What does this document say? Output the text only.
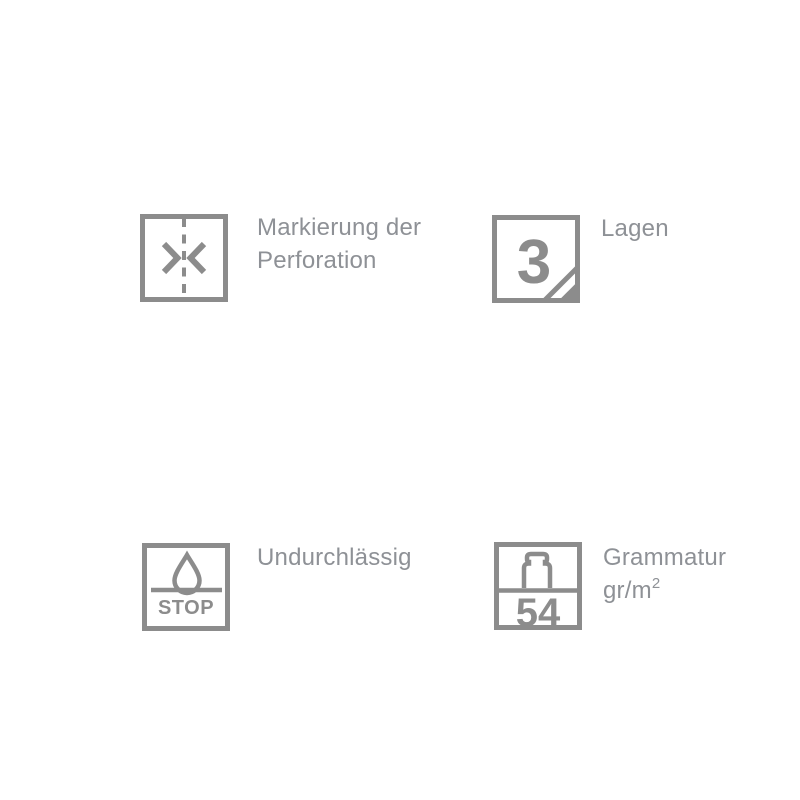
Markierung der
Perforation	3 Lagen
STOP
Undurchlässig
54
Grammatur
$gr/m^2$
